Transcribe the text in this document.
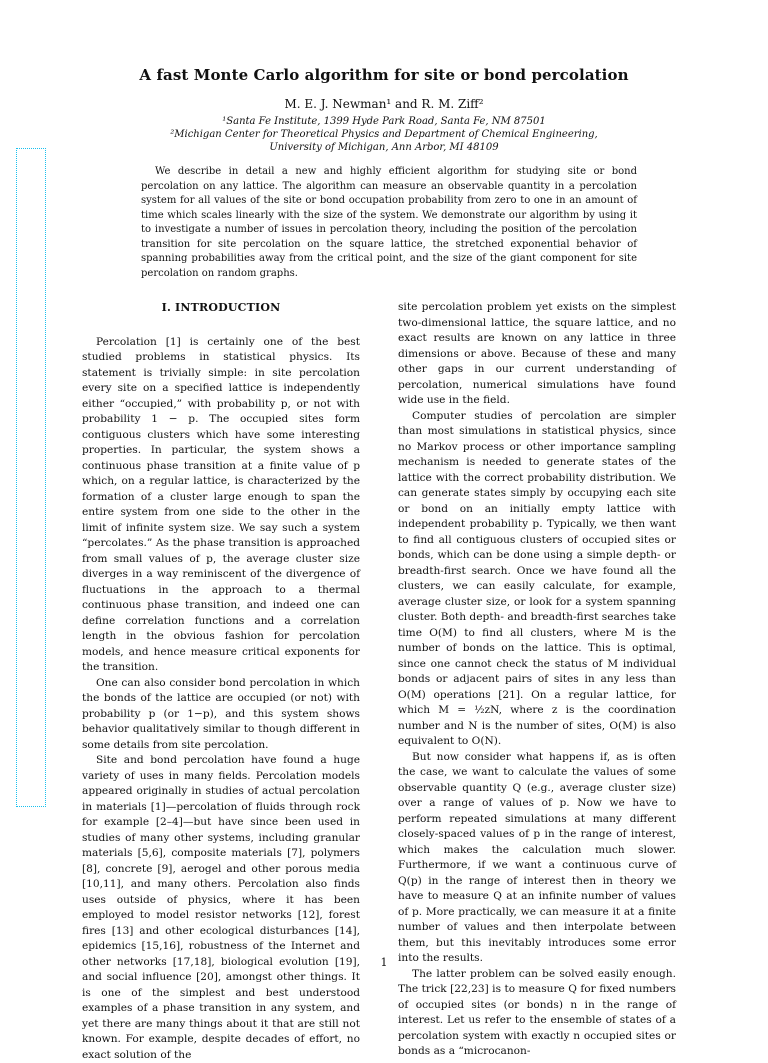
A fast Monte Carlo algorithm for site or bond percolation
M. E. J. Newman¹ and R. M. Ziff²
¹Santa Fe Institute, 1399 Hyde Park Road, Santa Fe, NM 87501
²Michigan Center for Theoretical Physics and Department of Chemical Engineering,
University of Michigan, Ann Arbor, MI 48109
We describe in detail a new and highly efficient algorithm for studying site or bond percolation on any lattice. The algorithm can measure an observable quantity in a percolation system for all values of the site or bond occupation probability from zero to one in an amount of time which scales linearly with the size of the system. We demonstrate our algorithm by using it to investigate a number of issues in percolation theory, including the position of the percolation transition for site percolation on the square lattice, the stretched exponential behavior of spanning probabilities away from the critical point, and the size of the giant component for site percolation on random graphs.
I. INTRODUCTION

Percolation [1] is certainly one of the best studied problems in statistical physics. Its statement is trivially simple: in site percolation every site on a specified lattice is independently either “occupied,” with probability p, or not with probability 1 − p. The occupied sites form contiguous clusters which have some interesting properties. In particular, the system shows a continuous phase transition at a finite value of p which, on a regular lattice, is characterized by the formation of a cluster large enough to span the entire system from one side to the other in the limit of infinite system size. We say such a system “percolates.” As the phase transition is approached from small values of p, the average cluster size diverges in a way reminiscent of the divergence of fluctuations in the approach to a thermal continuous phase transition, and indeed one can define correlation functions and a correlation length in the obvious fashion for percolation models, and hence measure critical exponents for the transition.

One can also consider bond percolation in which the bonds of the lattice are occupied (or not) with probability p (or 1−p), and this system shows behavior qualitatively similar to though different in some details from site percolation.

Site and bond percolation have found a huge variety of uses in many fields. Percolation models appeared originally in studies of actual percolation in materials [1]—percolation of fluids through rock for example [2–4]—but have since been used in studies of many other systems, including granular materials [5,6], composite materials [7], polymers [8], concrete [9], aerogel and other porous media [10,11], and many others. Percolation also finds uses outside of physics, where it has been employed to model resistor networks [12], forest fires [13] and other ecological disturbances [14], epidemics [15,16], robustness of the Internet and other networks [17,18], biological evolution [19], and social influence [20], amongst other things. It is one of the simplest and best understood examples of a phase transition in any system, and yet there are many things about it that are still not known. For example, despite decades of effort, no exact solution of the

site percolation problem yet exists on the simplest two-dimensional lattice, the square lattice, and no exact results are known on any lattice in three dimensions or above. Because of these and many other gaps in our current understanding of percolation, numerical simulations have found wide use in the field.

Computer studies of percolation are simpler than most simulations in statistical physics, since no Markov process or other importance sampling mechanism is needed to generate states of the lattice with the correct probability distribution. We can generate states simply by occupying each site or bond on an initially empty lattice with independent probability p. Typically, we then want to find all contiguous clusters of occupied sites or bonds, which can be done using a simple depth- or breadth-first search. Once we have found all the clusters, we can easily calculate, for example, average cluster size, or look for a system spanning cluster. Both depth- and breadth-first searches take time O(M) to find all clusters, where M is the number of bonds on the lattice. This is optimal, since one cannot check the status of M individual bonds or adjacent pairs of sites in any less than O(M) operations [21]. On a regular lattice, for which M = ½zN, where z is the coordination number and N is the number of sites, O(M) is also equivalent to O(N).

But now consider what happens if, as is often the case, we want to calculate the values of some observable quantity Q (e.g., average cluster size) over a range of values of p. Now we have to perform repeated simulations at many different closely-spaced values of p in the range of interest, which makes the calculation much slower. Furthermore, if we want a continuous curve of Q(p) in the range of interest then in theory we have to measure Q at an infinite number of values of p. More practically, we can measure it at a finite number of values and then interpolate between them, but this inevitably introduces some error into the results.

The latter problem can be solved easily enough. The trick [22,23] is to measure Q for fixed numbers of occupied sites (or bonds) n in the range of interest. Let us refer to the ensemble of states of a percolation system with exactly n occupied sites or bonds as a “microcanon-

1
